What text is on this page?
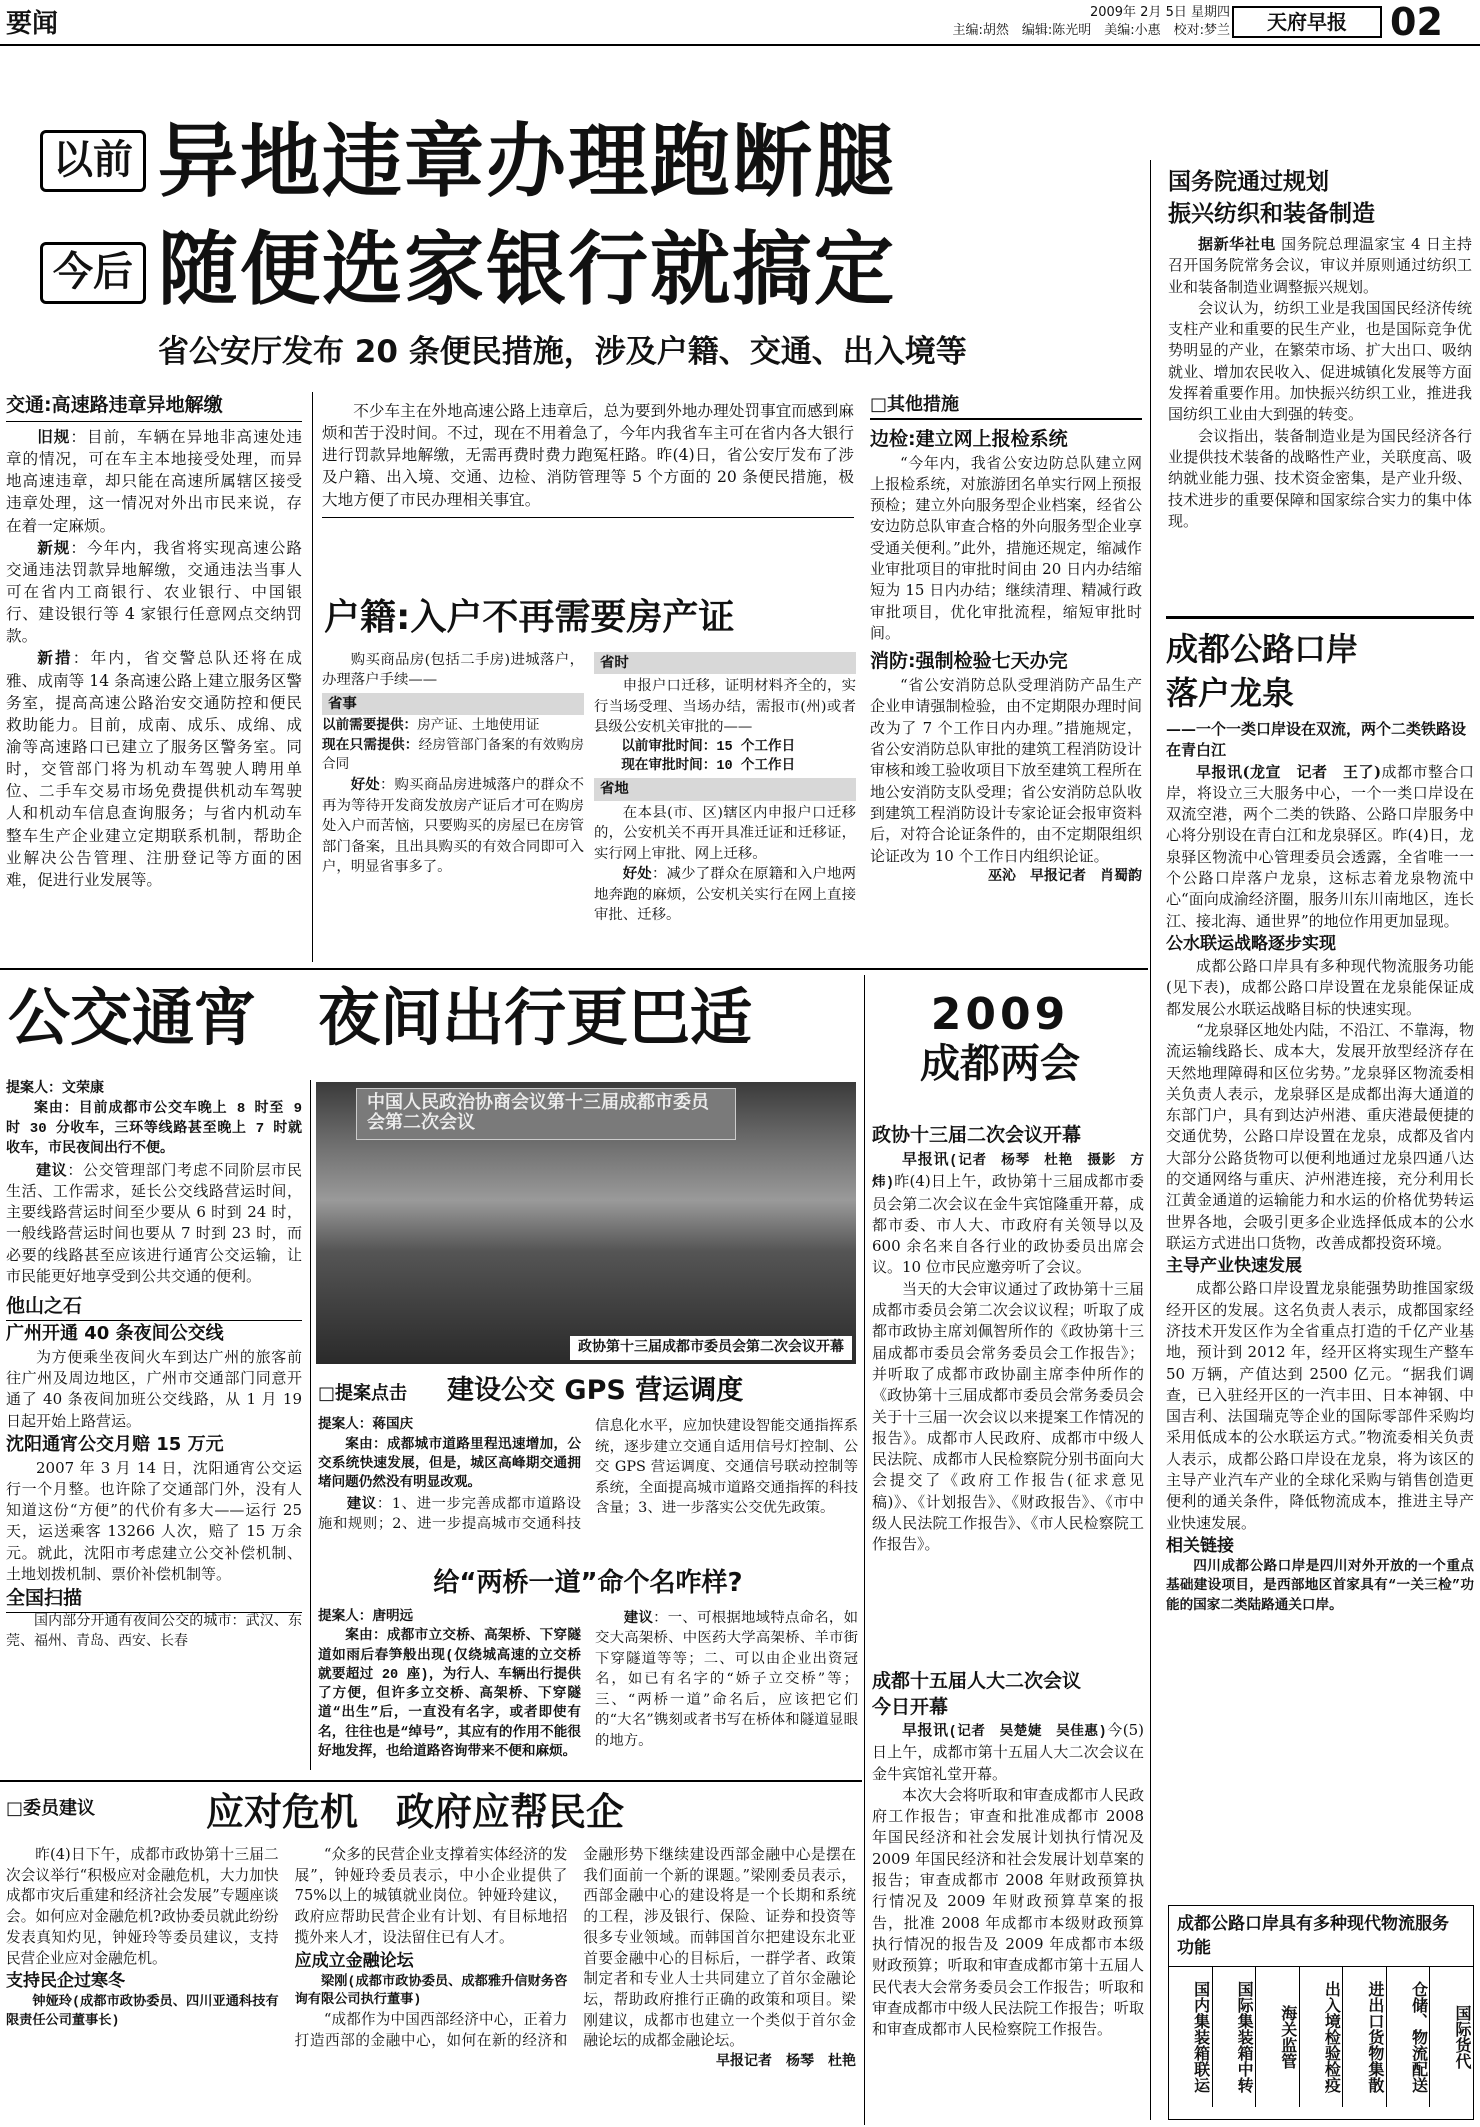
要闻	2009年 2月 5日 星期四
主编:胡然　编辑:陈光明　美编:小惠　校对:梦兰	天府早报	02
以前
今后
异地违章办理跑断腿
随便选家银行就搞定
省公安厅发布 20 条便民措施，涉及户籍、交通、出入境等
交通:高速路违章异地解缴

旧规：目前，车辆在异地非高速处违章的情况，可在车主本地接受处理，而异地高速违章，却只能在高速所属辖区接受违章处理，这一情况对外出市民来说，存在着一定麻烦。

新规：今年内，我省将实现高速公路交通违法罚款异地解缴，交通违法当事人可在省内工商银行、农业银行、中国银行、建设银行等 4 家银行任意网点交纳罚款。

新措：年内，省交警总队还将在成雅、成南等 14 条高速公路上建立服务区警务室，提高高速公路治安交通防控和便民救助能力。目前，成南、成乐、成绵、成渝等高速路口已建立了服务区警务室。同时，交管部门将为机动车驾驶人聘用单位、二手车交易市场免费提供机动车驾驶人和机动车信息查询服务；与省内机动车整车生产企业建立定期联系机制，帮助企业解决公告管理、注册登记等方面的困难，促进行业发展等。

不少车主在外地高速公路上违章后，总为要到外地办理处罚事宜而感到麻烦和苦于没时间。不过，现在不用着急了，今年内我省车主可在省内各大银行进行罚款异地解缴，无需再费时费力跑冤枉路。昨(4)日，省公安厅发布了涉及户籍、出入境、交通、边检、消防管理等 5 个方面的 20 条便民措施，极大地方便了市民办理相关事宜。

户籍:入户不再需要房产证

购买商品房(包括二手房)进城落户，办理落户手续——

省事

以前需要提供：房产证、土地使用证

现在只需提供：经房管部门备案的有效购房合同

好处：购买商品房进城落户的群众不再为等待开发商发放房产证后才可在购房处入户而苦恼，只要购买的房屋已在房管部门备案，且出具购买的有效合同即可入户，明显省事多了。

省时

申报户口迁移，证明材料齐全的，实行当场受理、当场办结，需报市(州)或者县级公安机关审批的——

以前审批时间：15 个工作日

现在审批时间：10 个工作日

省地

在本县(市、区)辖区内申报户口迁移的，公安机关不再开具准迁证和迁移证，实行网上审批、网上迁移。

好处：减少了群众在原籍和入户地两地奔跑的麻烦，公安机关实行在网上直接审批、迁移。

□其他措施
边检:建立网上报检系统

“今年内，我省公安边防总队建立网上报检系统，对旅游团名单实行网上预报预检；建立外向服务型企业档案，经省公安边防总队审查合格的外向服务型企业享受通关便利。”此外，措施还规定，缩减作业审批项目的审批时间由 20 日内办结缩短为 15 日内办结；继续清理、精减行政审批项目，优化审批流程，缩短审批时间。

消防:强制检验七天办完

“省公安消防总队受理消防产品生产企业申请强制检验，由不定期限办理时间改为了 7 个工作日内办理。”措施规定，省公安消防总队审批的建筑工程消防设计审核和竣工验收项目下放至建筑工程所在地公安消防支队受理；省公安消防总队收到建筑工程消防设计专家论证会报审资料后，对符合论证条件的，由不定期限组织论证改为 10 个工作日内组织论证。

巫沁　早报记者　肖蜀韵
国务院通过规划
振兴纺织和装备制造

据新华社电 国务院总理温家宝 4 日主持召开国务院常务会议，审议并原则通过纺织工业和装备制造业调整振兴规划。

会议认为，纺织工业是我国国民经济传统支柱产业和重要的民生产业，也是国际竞争优势明显的产业，在繁荣市场、扩大出口、吸纳就业、增加农民收入、促进城镇化发展等方面发挥着重要作用。加快振兴纺织工业，推进我国纺织工业由大到强的转变。

会议指出，装备制造业是为国民经济各行业提供技术装备的战略性产业，关联度高、吸纳就业能力强、技术资金密集，是产业升级、技术进步的重要保障和国家综合实力的集中体现。

成都公路口岸
落户龙泉
——一个一类口岸设在双流，两个二类铁路设在青白江

早报讯(龙宣　记者　王了)成都市整合口岸，将设立三大服务中心，一个一类口岸设在双流空港，两个二类的铁路、公路口岸服务中心将分别设在青白江和龙泉驿区。昨(4)日，龙泉驿区物流中心管理委员会透露，全省唯一一个公路口岸落户龙泉，这标志着龙泉物流中心“面向成渝经济圈，服务川东川南地区，连长江、接北海、通世界”的地位作用更加显现。

公水联运战略逐步实现

成都公路口岸具有多种现代物流服务功能(见下表)，成都公路口岸设置在龙泉能保证成都发展公水联运战略目标的快速实现。

“龙泉驿区地处内陆，不沿江、不靠海，物流运输线路长、成本大，发展开放型经济存在天然地理障碍和区位劣势。”龙泉驿区物流委相关负责人表示，龙泉驿区是成都出海大通道的东部门户，具有到达泸州港、重庆港最便捷的交通优势，公路口岸设置在龙泉，成都及省内大部分公路货物可以便利地通过龙泉四通八达的交通网络与重庆、泸州港连接，充分利用长江黄金通道的运输能力和水运的价格优势转运世界各地，会吸引更多企业选择低成本的公水联运方式进出口货物，改善成都投资环境。

主导产业快速发展

成都公路口岸设置龙泉能强势助推国家级经开区的发展。这名负责人表示，成都国家经济技术开发区作为全省重点打造的千亿产业基地，预计到 2012 年，经开区将实现生产整车 50 万辆，产值达到 2500 亿元。“据我们调查，已入驻经开区的一汽丰田、日本神钢、中国吉利、法国瑞克等企业的国际零部件采购均采用低成本的公水联运方式。”物流委相关负责人表示，成都公路口岸设在龙泉，将为该区的主导产业汽车产业的全球化采购与销售创造更便利的通关条件，降低物流成本，推进主导产业快速发展。

相关链接

四川成都公路口岸是四川对外开放的一个重点基础建设项目，是西部地区首家具有“一关三检”功能的国家二类陆路通关口岸。

成都公路口岸具有多种现代物流服务功能
国内集装箱联运	国际集装箱中转	海关监管	出入境检验检疫	进出口货物集散	仓储、物流配送	国际货代
公交通宵　夜间出行更巴适

提案人：文荣康

案由：目前成都市公交车晚上 8 时至 9 时 30 分收车，三环等线路甚至晚上 7 时就收车，市民夜间出行不便。

建议：公交管理部门考虑不同阶层市民生活、工作需求，延长公交线路营运时间，主要线路营运时间至少要从 6 时到 24 时，一般线路营运时间也要从 7 时到 23 时，而必要的线路甚至应该进行通宵公交运输，让市民能更好地享受到公共交通的便利。

他山之石
广州开通 40 条夜间公交线

为方便乘坐夜间火车到达广州的旅客前往广州及周边地区，广州市交通部门同意开通了 40 条夜间加班公交线路，从 1 月 19 日起开始上路营运。

沈阳通宵公交月赔 15 万元

2007 年 3 月 14 日，沈阳通宵公交运行一个月整。也许除了交通部门外，没有人知道这份“方便”的代价有多大——运行 25 天，运送乘客 13266 人次，赔了 15 万余元。就此，沈阳市考虑建立公交补偿机制、土地划拨机制、票价补偿机制等。

全国扫描

国内部分开通有夜间公交的城市：武汉、东莞、福州、青岛、西安、长春

中国人民政治协商会议第十三届成都市委员会第二次会议
政协第十三届成都市委员会第二次会议开幕
□提案点击 建设公交 GPS 营运调度

提案人：蒋国庆

案由：成都城市道路里程迅速增加，公交系统快速发展，但是，城区高峰期交通拥堵问题仍然没有明显改观。

建议：1、进一步完善成都市道路设施和规则；2、进一步提高城市交通科技信息化水平，应加快建设智能交通指挥系统，逐步建立交通自适用信号灯控制、公交 GPS 营运调度、交通信号联动控制等系统，全面提高城市道路交通指挥的科技含量；3、进一步落实公交优先政策。

给“两桥一道”命个名咋样?

提案人：唐明远

案由：成都市立交桥、高架桥、下穿隧道如雨后春笋般出现(仅绕城高速的立交桥就要超过 20 座)，为行人、车辆出行提供了方便，但许多立交桥、高架桥、下穿隧道“出生”后，一直没有名字，或者即使有名，往往也是“绰号”，其应有的作用不能很好地发挥，也给道路咨询带来不便和麻烦。

建议：一、可根据地域特点命名，如交大高架桥、中医药大学高架桥、羊市街下穿隧道等等；二、可以由企业出资冠名，如已有名字的“娇子立交桥”等；三、“两桥一道”命名后，应该把它们的“大名”镌刻或者书写在桥体和隧道显眼的地方。

2009
成都两会
政协十三届二次会议开幕

早报讯(记者　杨琴　杜艳　摄影　方炜)昨(4)日上午，政协第十三届成都市委员会第二次会议在金牛宾馆隆重开幕，成都市委、市人大、市政府有关领导以及 600 余名来自各行业的政协委员出席会议。10 位市民应邀旁听了会议。

当天的大会审议通过了政协第十三届成都市委员会第二次会议议程；听取了成都市政协主席刘佩智所作的《政协第十三届成都市委员会常务委员会工作报告》；并听取了成都市政协副主席李仲所作的《政协第十三届成都市委员会常务委员会关于十三届一次会议以来提案工作情况的报告》。成都市人民政府、成都市中级人民法院、成都市人民检察院分别书面向大会提交了《政府工作报告(征求意见稿)》、《计划报告》、《财政报告》、《市中级人民法院工作报告》、《市人民检察院工作报告》。

成都十五届人大二次会议
今日开幕

早报讯(记者　吴楚婕　吴佳惠)今(5)日上午，成都市第十五届人大二次会议在金牛宾馆礼堂开幕。

本次大会将听取和审查成都市人民政府工作报告；审查和批准成都市 2008 年国民经济和社会发展计划执行情况及 2009 年国民经济和社会发展计划草案的报告；审查成都市 2008 年财政预算执行情况及 2009 年财政预算草案的报告，批准 2008 年成都市本级财政预算执行情况的报告及 2009 年成都市本级财政预算；听取和审查成都市第十五届人民代表大会常务委员会工作报告；听取和审查成都市中级人民法院工作报告；听取和审查成都市人民检察院工作报告。

□委员建议	应对危机　政府应帮民企

昨(4)日下午，成都市政协第十三届二次会议举行“积极应对金融危机，大力加快成都市灾后重建和经济社会发展”专题座谈会。如何应对金融危机?政协委员就此纷纷发表真知灼见，钟娅玲等委员建议，支持民营企业应对金融危机。

支持民企过寒冬

钟娅玲(成都市政协委员、四川亚通科技有限责任公司董事长)

“众多的民营企业支撑着实体经济的发展”，钟娅玲委员表示，中小企业提供了 75%以上的城镇就业岗位。钟娅玲建议，政府应帮助民营企业有计划、有目标地招揽外来人才，设法留住已有人才。

应成立金融论坛

梁刚(成都市政协委员、成都雅升信财务咨询有限公司执行董事)

“成都作为中国西部经济中心，正着力打造西部的金融中心，如何在新的经济和金融形势下继续建设西部金融中心是摆在我们面前一个新的课题。”梁刚委员表示，西部金融中心的建设将是一个长期和系统的工程，涉及银行、保险、证券和投资等很多专业领域。而韩国首尔把建设东北亚首要金融中心的目标后，一群学者、政策制定者和专业人士共同建立了首尔金融论坛，帮助政府推行正确的政策和项目。梁刚建议，成都市也建立一个类似于首尔金融论坛的成都金融论坛。

早报记者　杨琴　杜艳
